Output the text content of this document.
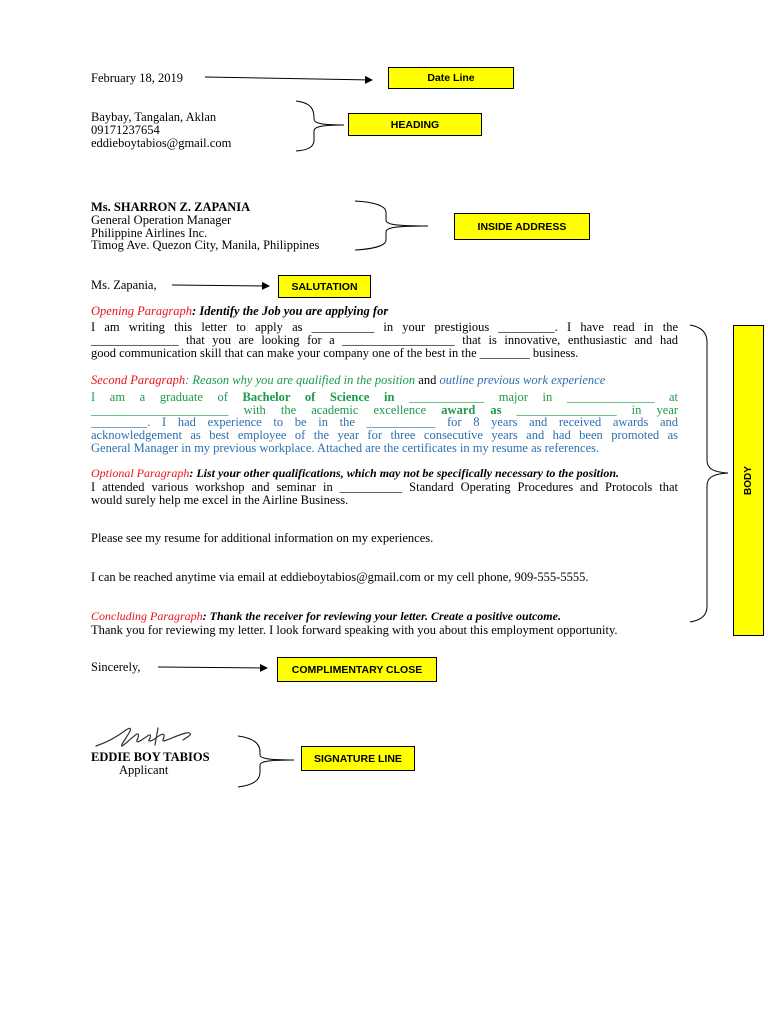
February 18, 2019	Date Line
Baybay, Tangalan, Aklan
09171237654
eddieboytabios@gmail.com
HEADING
Ms. SHARRON Z. ZAPANIA
General Operation Manager
Philippine Airlines Inc.
Timog Ave. Quezon City, Manila, Philippines
INSIDE ADDRESS
Ms. Zapania,	SALUTATION
Opening Paragraph: Identify the Job you are applying for
I am writing this letter to apply as __________ in your prestigious _________. I have read in the
______________ that you are looking for a __________________ that is innovative, enthusiastic and had
good communication skill that can make your company one of the best in the ________ business.
Second Paragraph: Reason why you are qualified in the position and outline previous work experience
I am a graduate of Bachelor of Science in ____________ major in ______________ at
______________________ with the academic excellence award as ________________ in year
_________. I had experience to be in the ___________ for 8 years and received awards and
acknowledgement as best employee of the year for three consecutive years and had been promoted as
General Manager in my previous workplace. Attached are the certificates in my resume as references.
Optional Paragraph: List your other qualifications, which may not be specifically necessary to the position.
I attended various workshop and seminar in __________ Standard Operating Procedures and Protocols that
would surely help me excel in the Airline Business.
Please see my resume for additional information on my experiences.
I can be reached anytime via email at eddieboytabios@gmail.com or my cell phone, 909-555-5555.
Concluding Paragraph: Thank the receiver for reviewing your letter. Create a positive outcome.
Thank you for reviewing my letter. I look forward speaking with you about this employment opportunity.
BODY
Sincerely,	COMPLIMENTARY CLOSE
EDDIE BOY TABIOS
Applicant
SIGNATURE LINE
